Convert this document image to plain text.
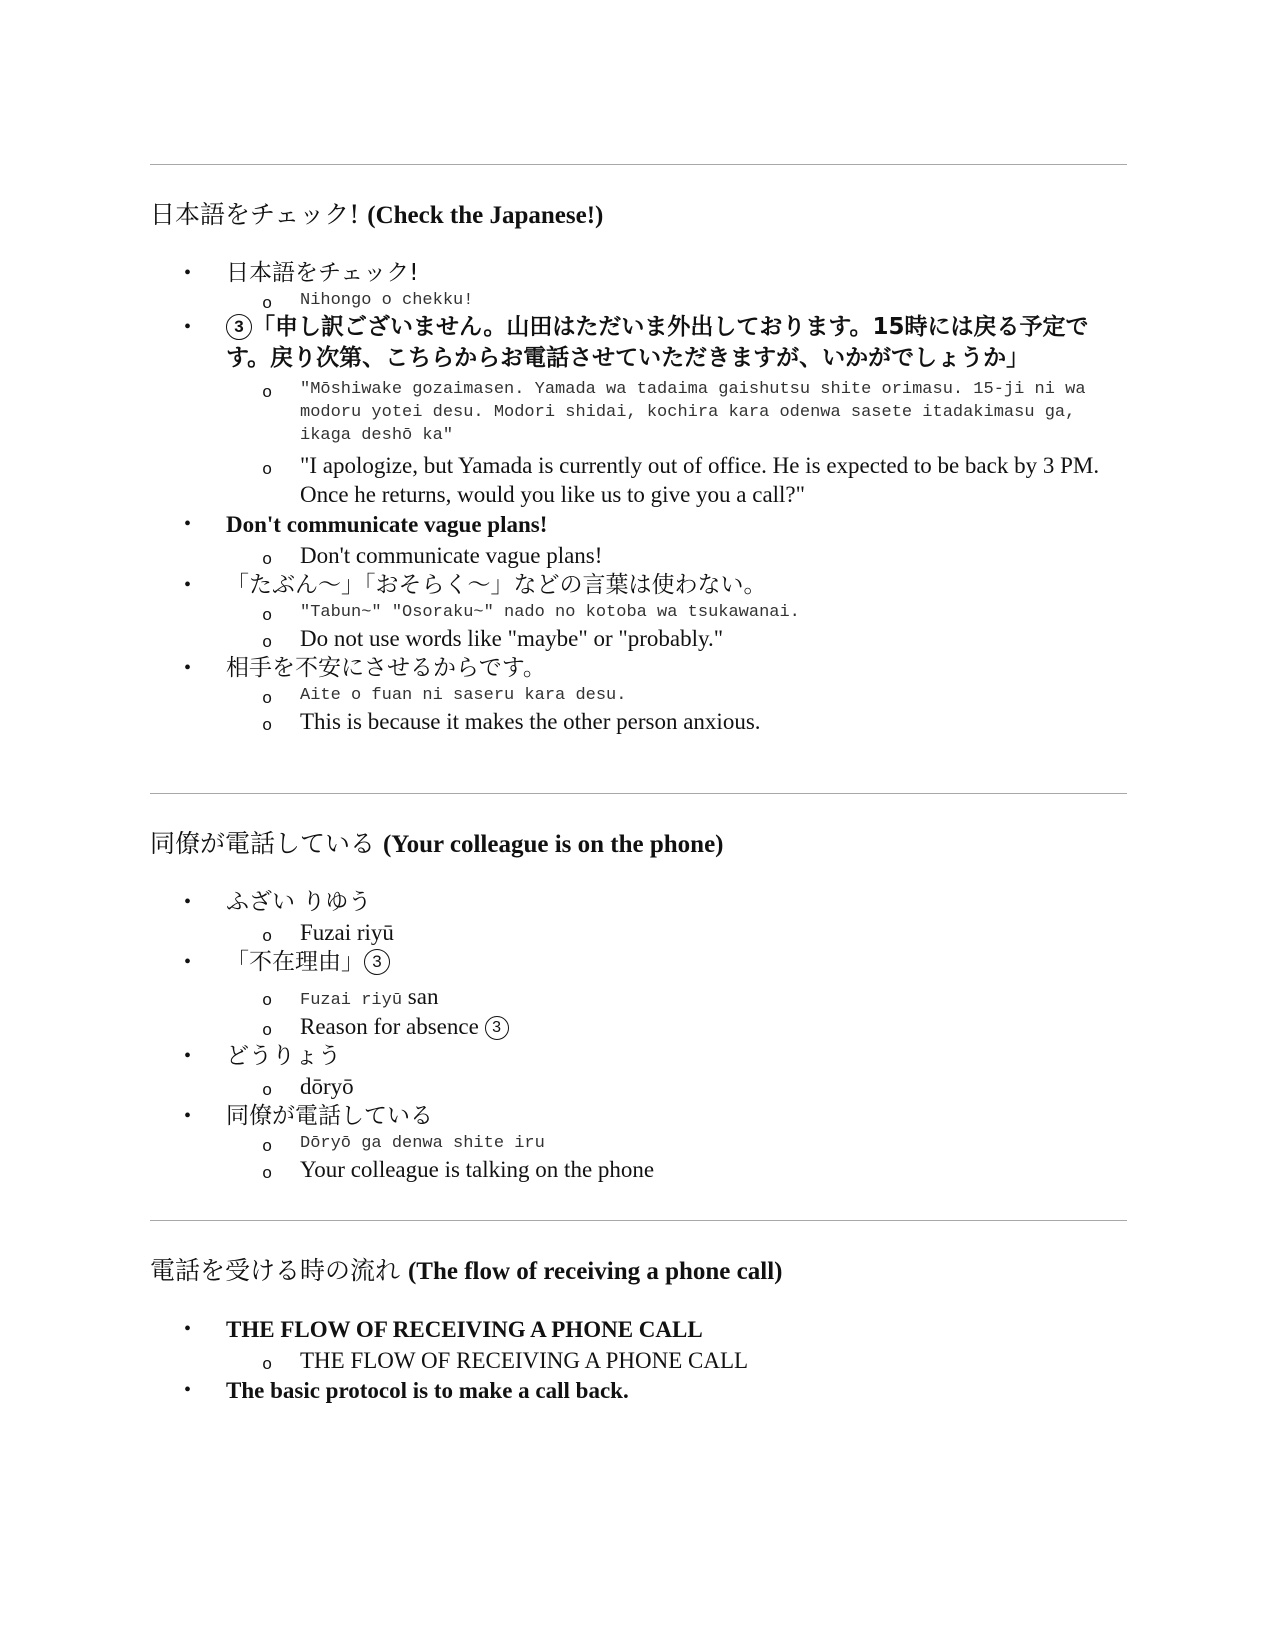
日本語をチェック! (Check the Japanese!)
• 日本語をチェック!
o Nihongo o chekku!
• 3 「申し訳ございません。山田はただいま外出しております。15時には戻る予定です。戻り次第、こちらからお電話させていただきますが、いかがでしょうか」
o "Mōshiwake gozaimasen. Yamada wa tadaima gaishutsu shite orimasu. 15-ji ni wa modoru yotei desu. Modori shidai, kochira kara odenwa sasete itadakimasu ga, ikaga deshō ka"
o "I apologize, but Yamada is currently out of office. He is expected to be back by 3 PM. Once he returns, would you like us to give you a call?"
• Don't communicate vague plans!
o Don't communicate vague plans!
• 「たぶん〜」「おそらく〜」などの言葉は使わない。
o "Tabun~" "Osoraku~" nado no kotoba wa tsukawanai.
o Do not use words like "maybe" or "probably."
• 相手を不安にさせるからです。
o Aite o fuan ni saseru kara desu.
o This is because it makes the other person anxious.
同僚が電話している (Your colleague is on the phone)
• ふざい りゆう
o Fuzai riyū
• 「不在理由」 3
o Fuzai riyū san
o Reason for absence 3
• どうりょう
o dōryō
• 同僚が電話している
o Dōryō ga denwa shite iru
o Your colleague is talking on the phone
電話を受ける時の流れ (The flow of receiving a phone call)
• THE FLOW OF RECEIVING A PHONE CALL
o THE FLOW OF RECEIVING A PHONE CALL
• The basic protocol is to make a call back.
